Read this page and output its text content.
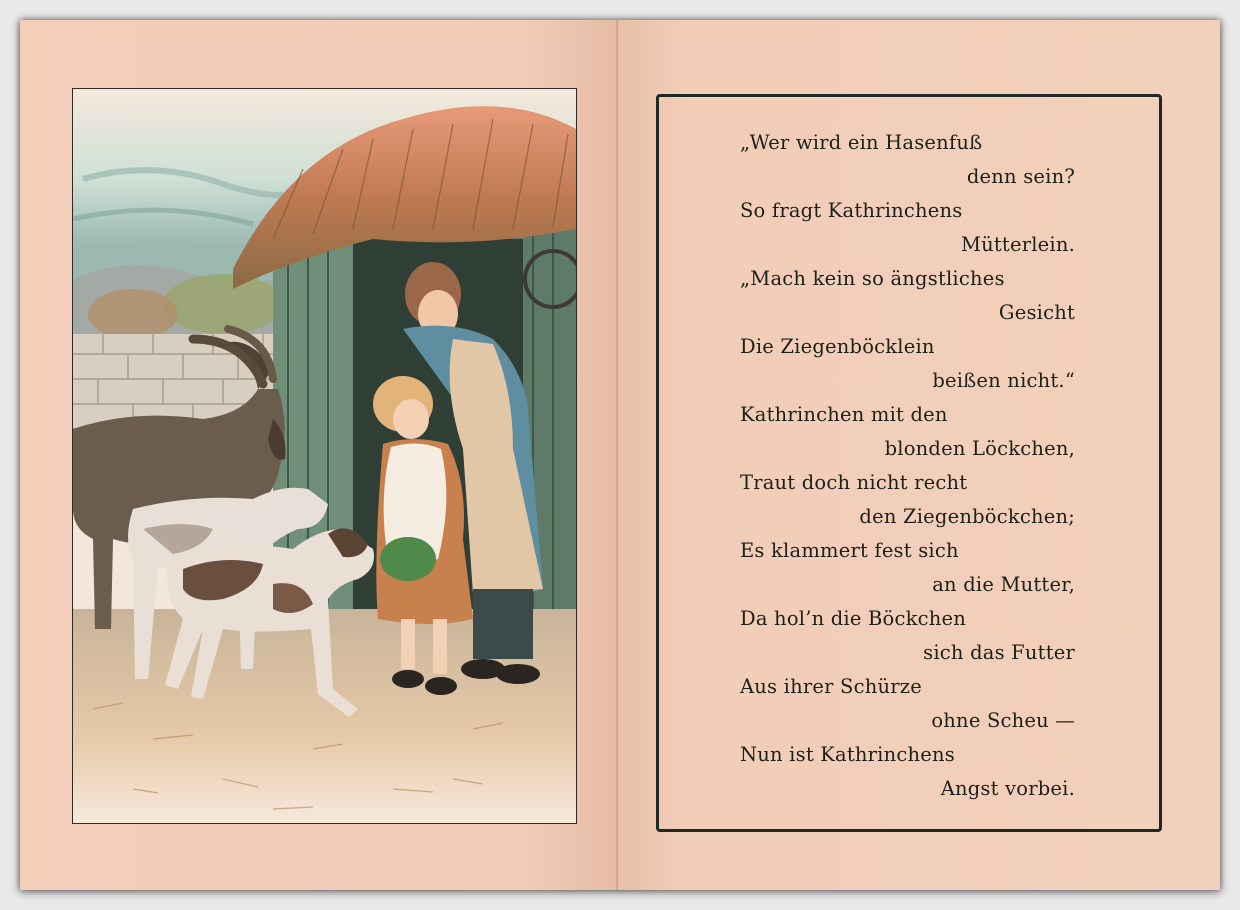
„Wer wird ein Hasenfuß
denn sein?
So fragt Kathrinchens
Mütterlein.
„Mach kein so ängstliches
Gesicht
Die Ziegenböcklein
beißen nicht.“
Kathrinchen mit den
blonden Löckchen,
Traut doch nicht recht
den Ziegenböckchen;
Es klammert fest sich
an die Mutter,
Da hol’n die Böckchen
sich das Futter
Aus ihrer Schürze
ohne Scheu —
Nun ist Kathrinchens
Angst vorbei.
